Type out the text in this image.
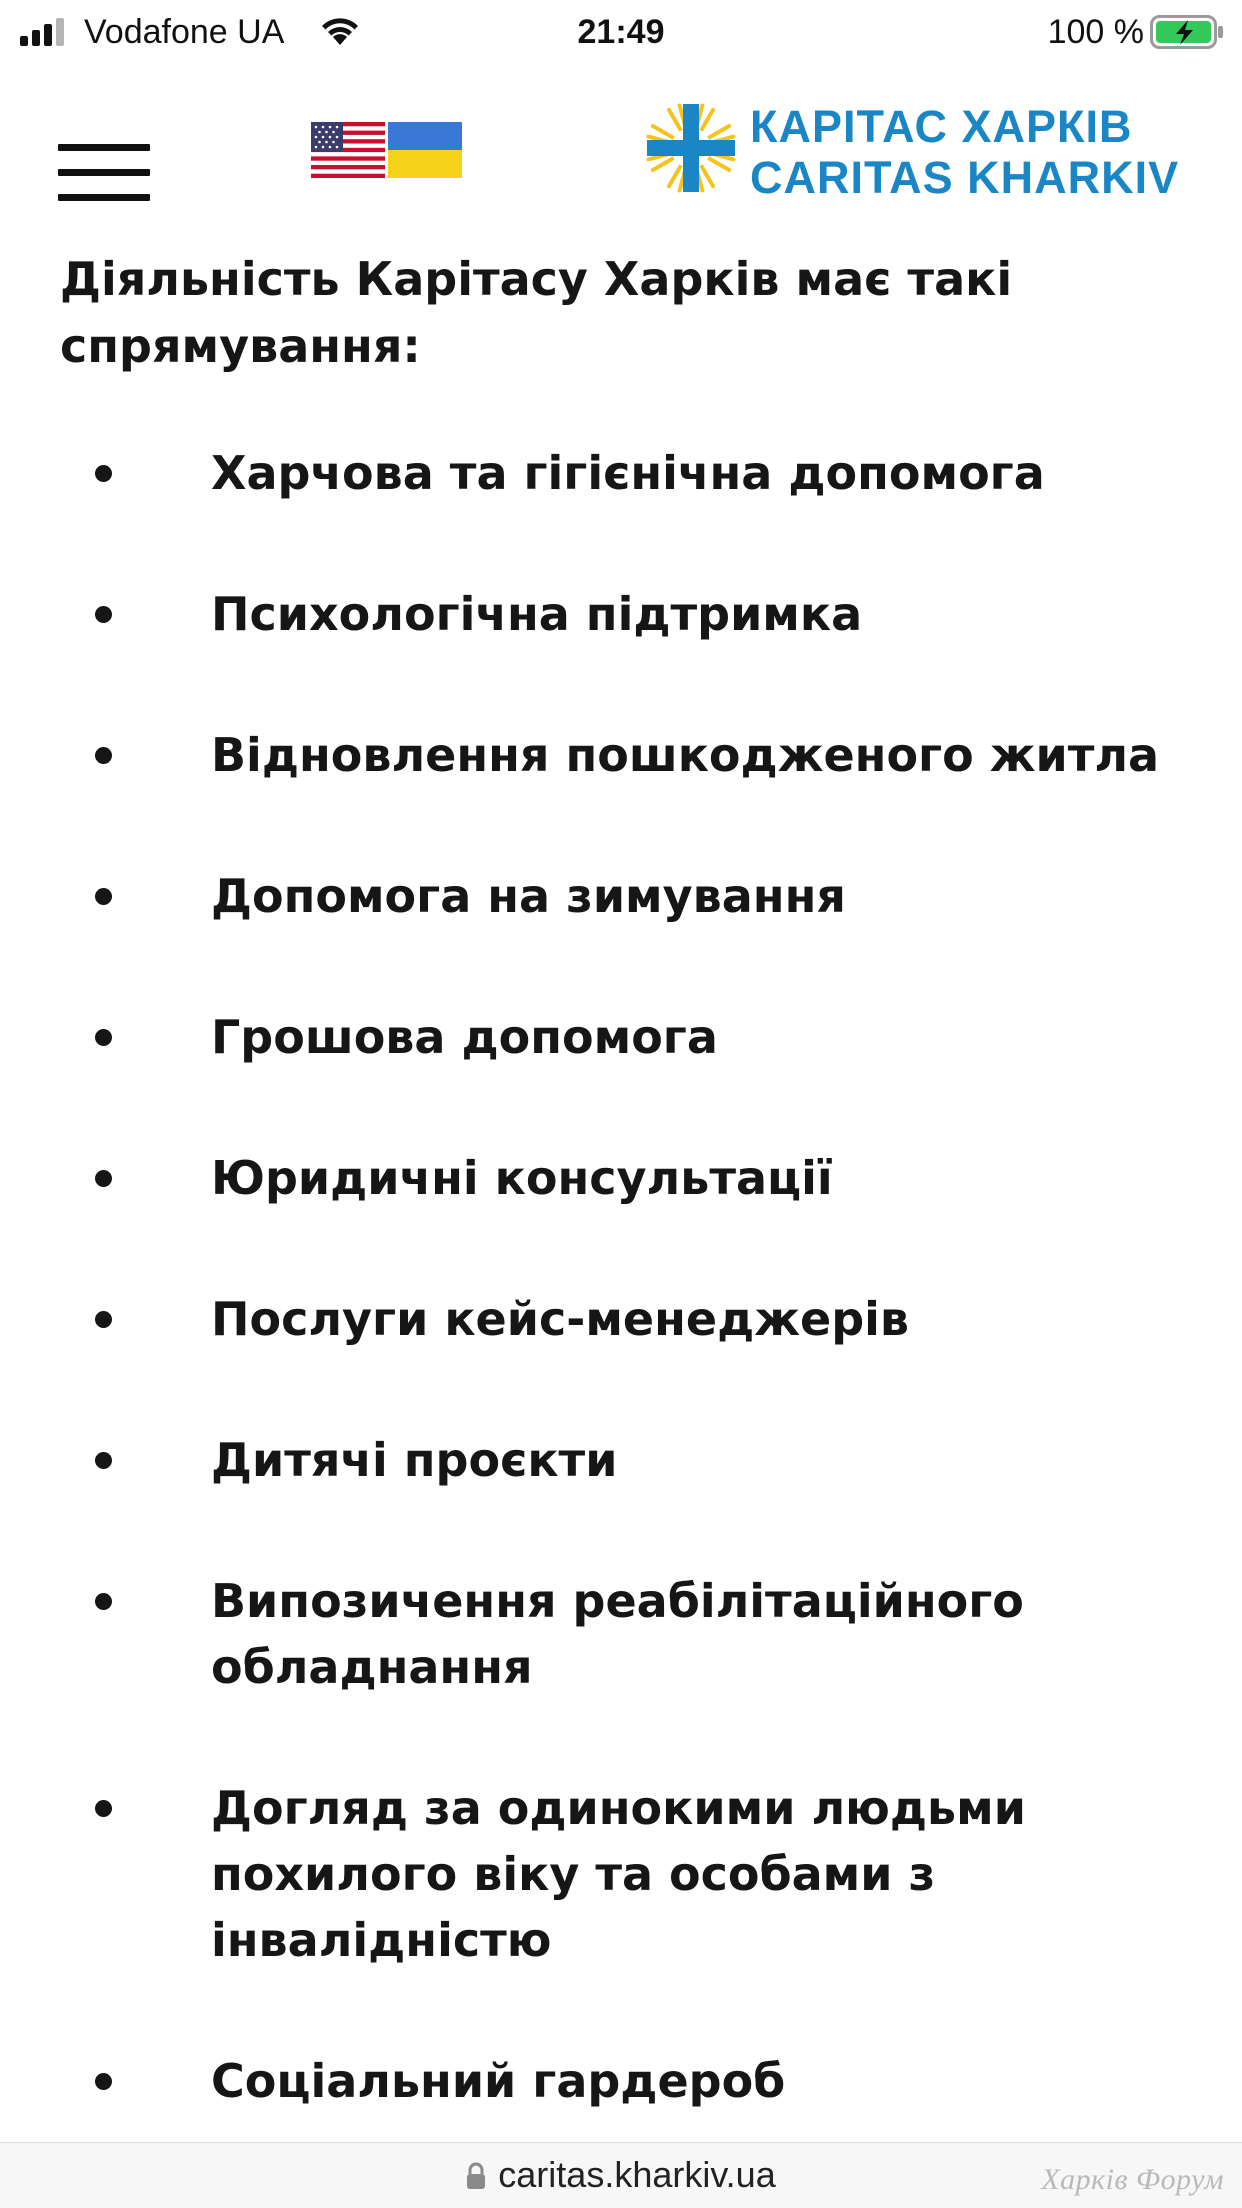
Vodafone UA	21:49	100 %
КАРІТАС ХАРКІВ
CARITAS KHARKIV

Діяльність Карітасу Харків має такі спрямування:

Харчова та гігієнічна допомога
Психологічна підтримка
Відновлення пошкодженого житла
Допомога на зимування
Грошова допомога
Юридичні консультації
Послуги кейс-менеджерів
Дитячі проєкти
Випозичення реабілітаційного обладнання
Догляд за одинокими людьми похилого віку та особами з інвалідністю
Соціальний гардероб
caritas.kharkiv.ua	Харків Форум
